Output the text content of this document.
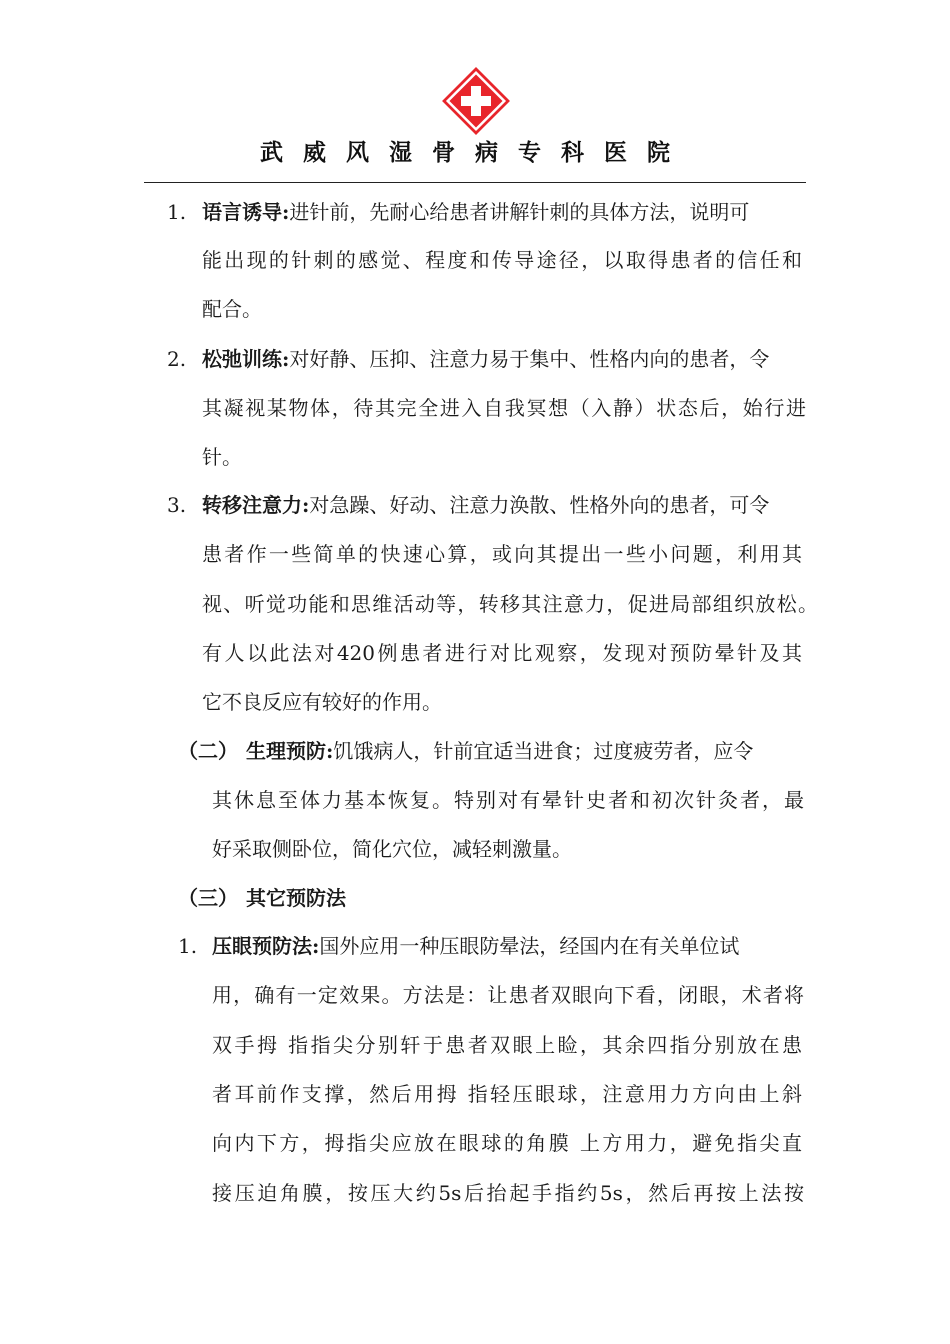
武威风湿骨病专科医院
1. 语言诱导:进针前，先耐心给患者讲解针刺的具体方法，说明可
能出现的针刺的感觉、程度和传导途径，以取得患者的信任和
配合。
2. 松弛训练:对好静、压抑、注意力易于集中、性格内向的患者，令
其凝视某物体，待其完全进入自我冥想（入静）状态后，始行进
针。
3. 转移注意力:对急躁、好动、注意力涣散、性格外向的患者，可令
患者作一些简单的快速心算，或向其提出一些小问题，利用其
视、听觉功能和思维活动等，转移其注意力，促进局部组织放松。
有人以此法对420例患者进行对比观察，发现对预防晕针及其
它不良反应有较好的作用。
（二） 生理预防:饥饿病人，针前宜适当进食；过度疲劳者，应令
其休息至体力基本恢复。特别对有晕针史者和初次针灸者，最
好采取侧卧位，简化穴位，减轻刺激量。
（三） 其它预防法
1. 压眼预防法:国外应用一种压眼防晕法，经国内在有关单位试
用，确有一定效果。方法是：让患者双眼向下看，闭眼，术者将
双手拇 指指尖分别轩于患者双眼上睑，其余四指分别放在患
者耳前作支撑，然后用拇 指轻压眼球，注意用力方向由上斜
向内下方，拇指尖应放在眼球的角膜 上方用力，避免指尖直
接压迫角膜，按压大约5s后抬起手指约5s，然后再按上法按
